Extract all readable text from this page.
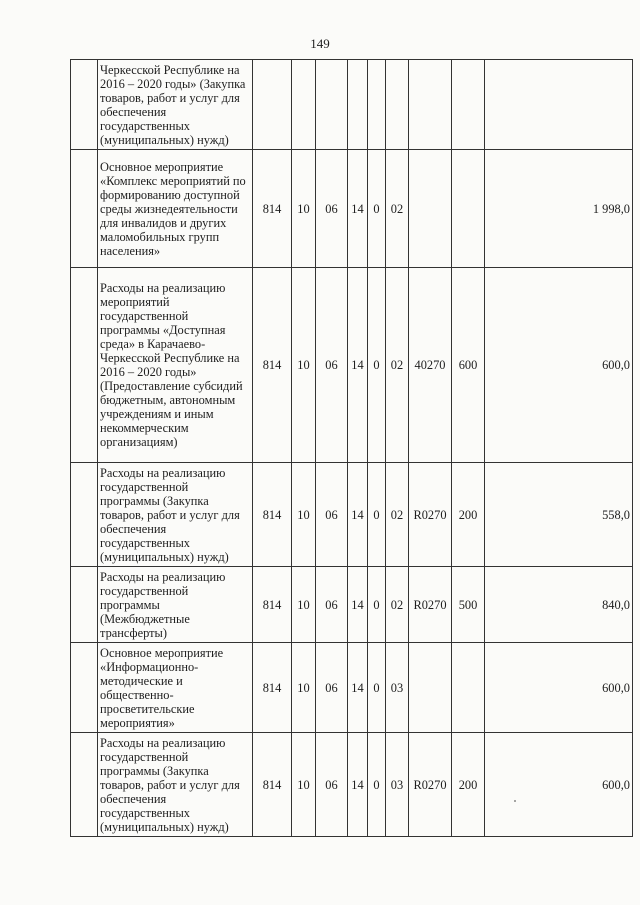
149
	Черкесской Республике на 2016 – 2020 годы» (Закупка товаров, работ и услуг для обеспечения государственных (муниципальных) нужд)									
	Основное мероприятие «Комплекс мероприятий по формированию доступной среды жизнедеятельности для инвалидов и других маломобильных групп населения»	814	10	06	14	0	02			1 998,0
	Расходы на реализацию мероприятий государственной программы «Доступная среда» в Карачаево-Черкесской Республике на 2016 – 2020 годы» (Предоставление субсидий бюджетным, автономным учреждениям и иным некоммерческим организациям)	814	10	06	14	0	02	40270	600	600,0
	Расходы на реализацию государственной программы (Закупка товаров, работ и услуг для обеспечения государственных (муниципальных) нужд)	814	10	06	14	0	02	R0270	200	558,0
	Расходы на реализацию государственной программы (Межбюджетные трансферты)	814	10	06	14	0	02	R0270	500	840,0
	Основное мероприятие «Информационно-методические и общественно-просветительские мероприятия»	814	10	06	14	0	03			600,0
	Расходы на реализацию государственной программы (Закупка товаров, работ и услуг для обеспечения государственных (муниципальных) нужд)	814	10	06	14	0	03	R0270	200	600,0
